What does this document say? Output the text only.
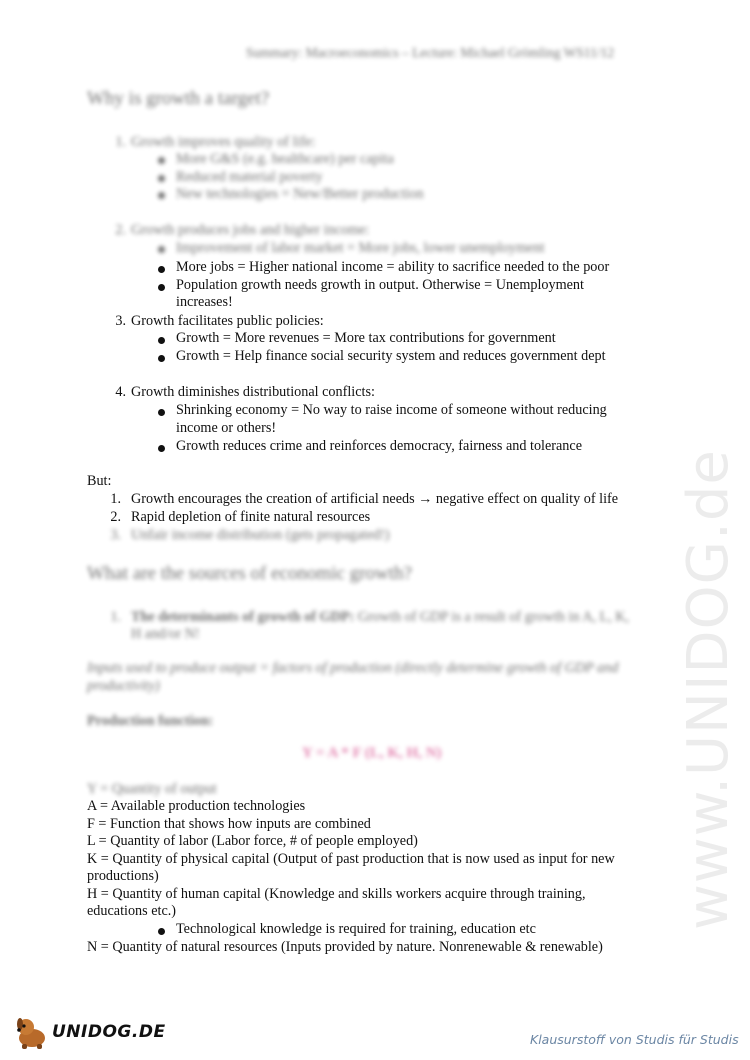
www.UNIDOG.de
Summary: Macroeconomics – Lecture: Michael Grömling WS11/12
Why is growth a target?
1. Growth improves quality of life:
More G&S (e.g. healthcare) per capita
Reduced material poverty
New technologies = New/Better production
2. Growth produces jobs and higher income:
Improvement of labor market = More jobs, lower unemployment
More jobs = Higher national income = ability to sacrifice needed to the poor
Population growth needs growth in output. Otherwise = Unemployment
increases!
3. Growth facilitates public policies:
Growth = More revenues = More tax contributions for government
Growth = Help finance social security system and reduces government dept
4. Growth diminishes distributional conflicts:
Shrinking economy = No way to raise income of someone without reducing
income or others!
Growth reduces crime and reinforces democracy, fairness and tolerance
But:
1. Growth encourages the creation of artificial needs → negative effect on quality of life
2. Rapid depletion of finite natural resources
3. Unfair income distribution (gets propagated!)
What are the sources of economic growth?
1. The determinants of growth of GDP: Growth of GDP is a result of growth in A, L, K,
H and/or N!
Inputs used to produce output = factors of production (directly determine growth of GDP and
productivity)
Production function:
Y = A * F (L, K, H, N)
Y = Quantity of output
A = Available production technologies
F = Function that shows how inputs are combined
L = Quantity of labor (Labor force, # of people employed)
K = Quantity of physical capital (Output of past production that is now used as input for new
productions)
H = Quantity of human capital (Knowledge and skills workers acquire through training,
educations etc.)
Technological knowledge is required for training, education etc
N = Quantity of natural resources (Inputs provided by nature. Nonrenewable & renewable)
UNIDOG.DE	Klausurstoff von Studis für Studis
